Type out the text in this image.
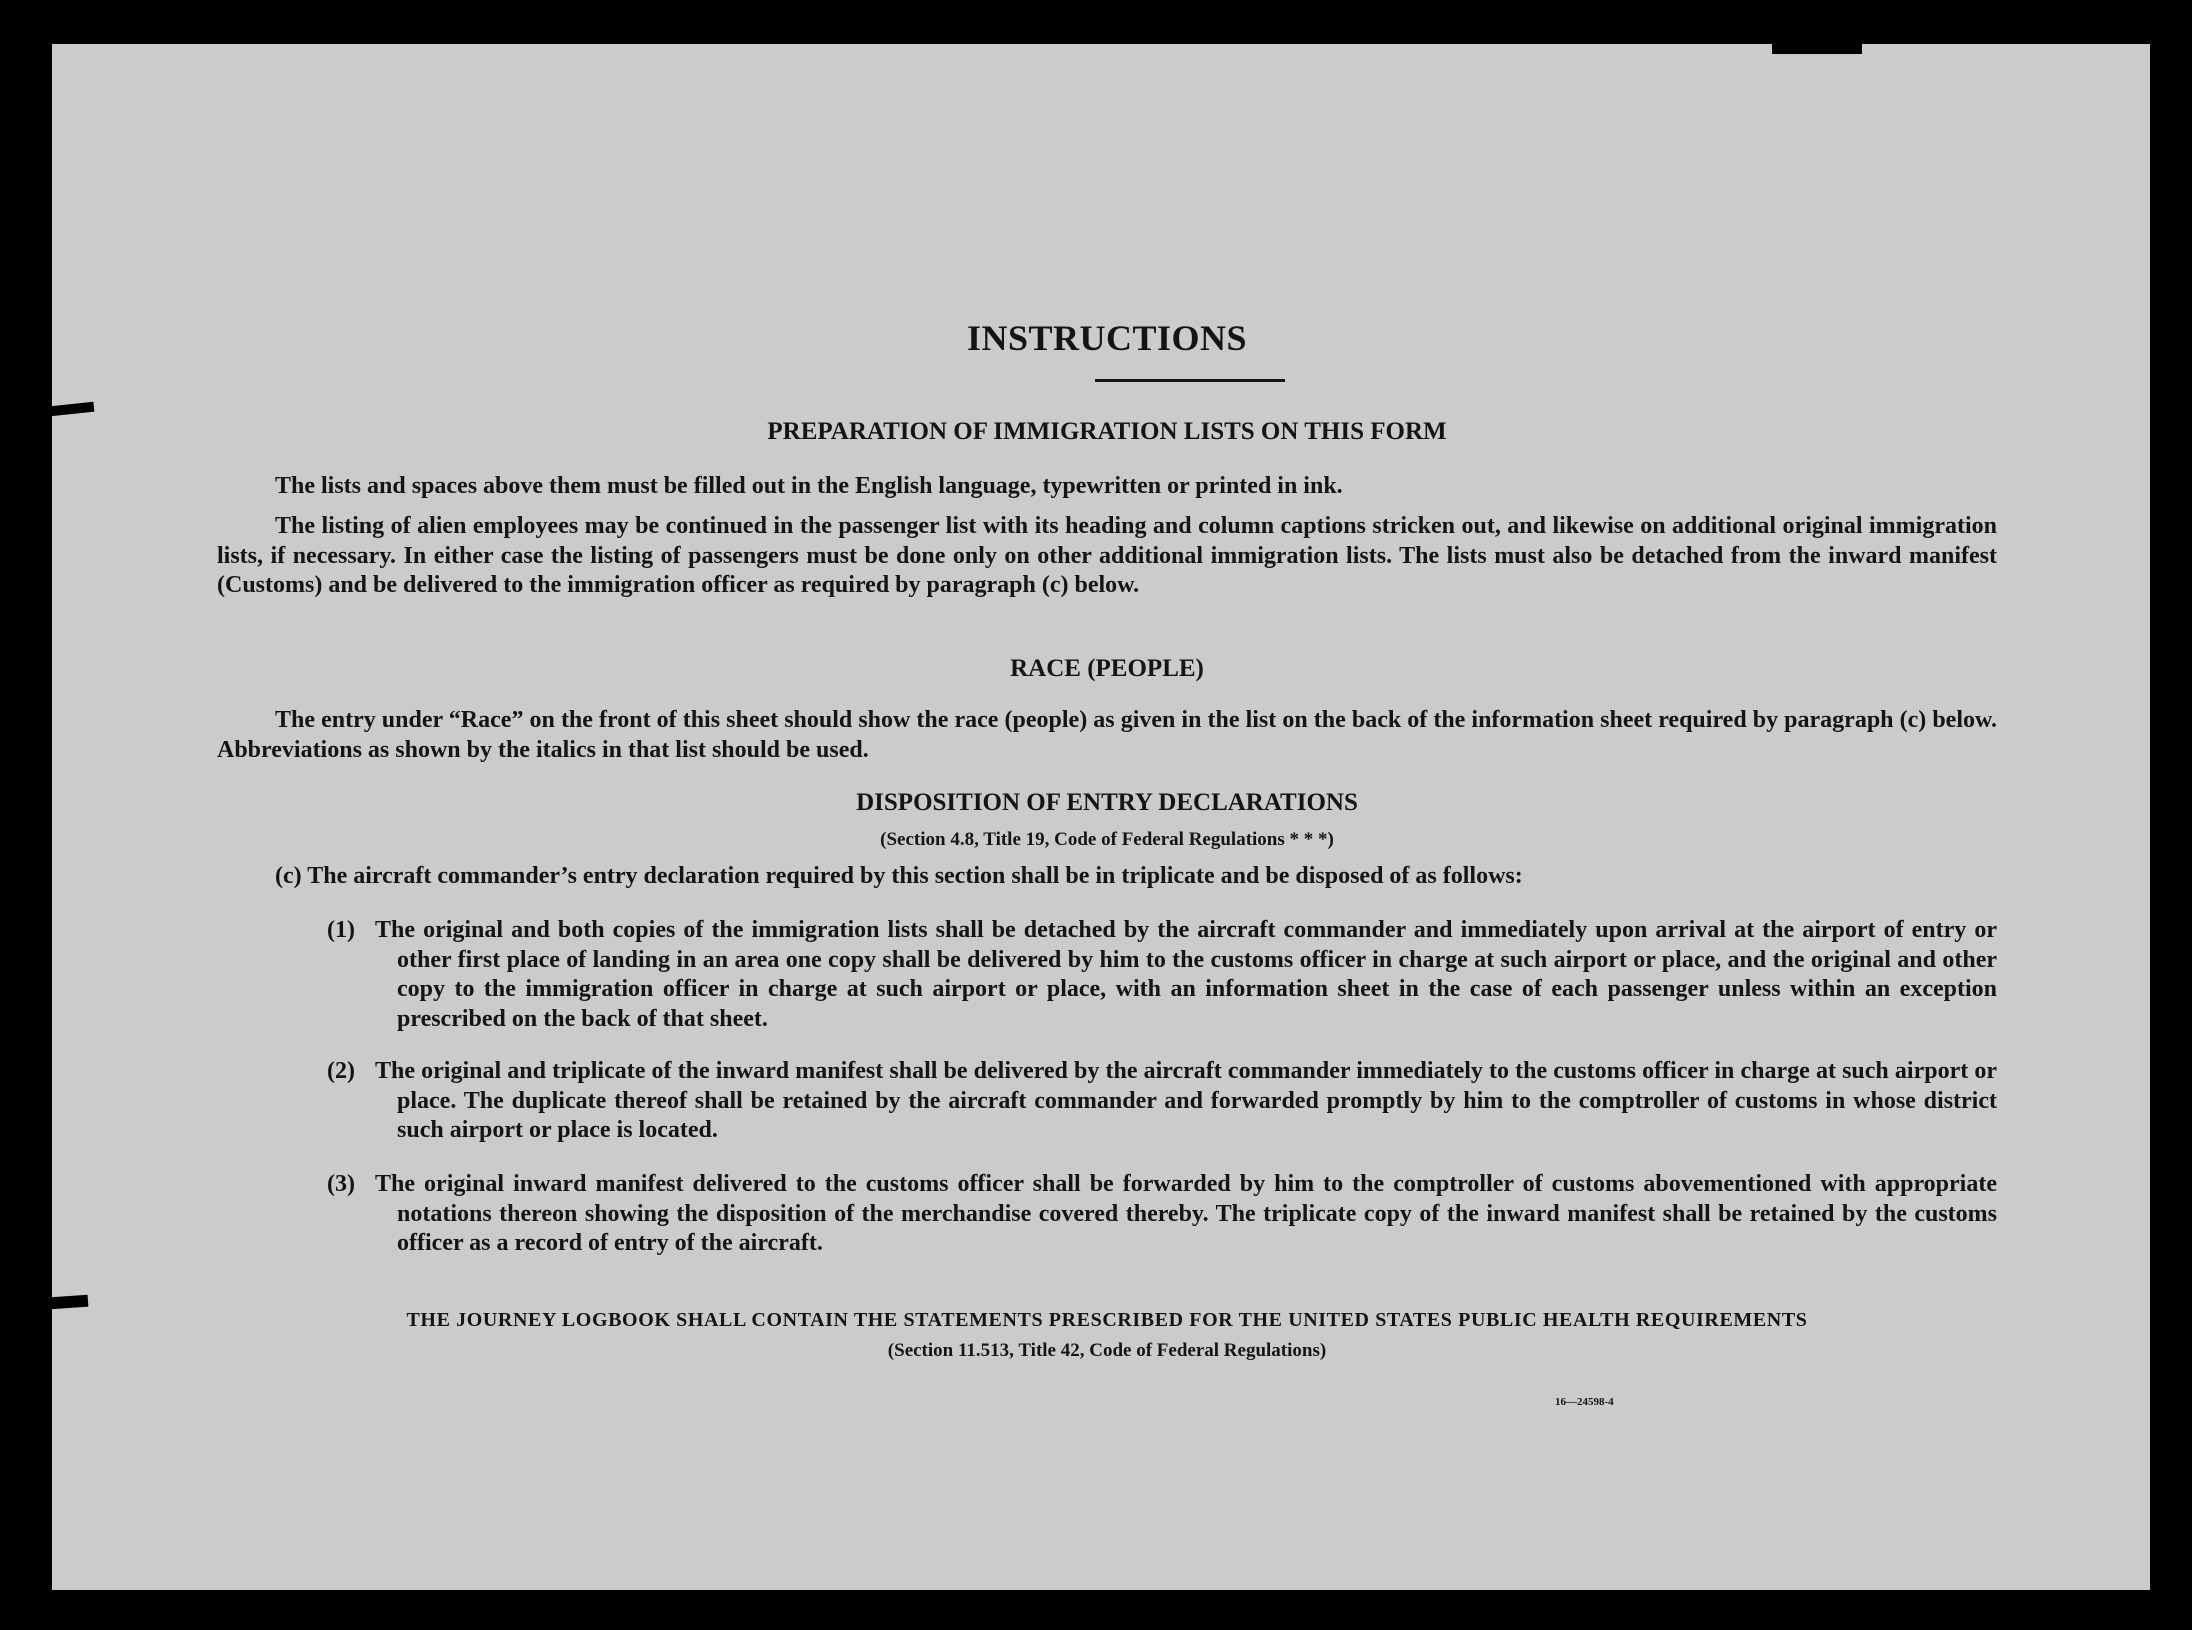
INSTRUCTIONS

PREPARATION OF IMMIGRATION LISTS ON THIS FORM

The lists and spaces above them must be filled out in the English language, typewritten or printed in ink.

The listing of alien employees may be continued in the passenger list with its heading and column captions stricken out, and likewise on additional original immigration lists, if necessary. In either case the listing of passengers must be done only on other additional immigration lists. The lists must also be detached from the inward manifest (Customs) and be delivered to the immigration officer as required by paragraph (c) below.

RACE (PEOPLE)

The entry under “Race” on the front of this sheet should show the race (people) as given in the list on the back of the information sheet required by paragraph (c) below. Abbreviations as shown by the italics in that list should be used.

DISPOSITION OF ENTRY DECLARATIONS

(Section 4.8, Title 19, Code of Federal Regulations * * *)

(c) The aircraft commander’s entry declaration required by this section shall be in triplicate and be disposed of as follows:

(1) The original and both copies of the immigration lists shall be detached by the aircraft commander and immediately upon arrival at the airport of entry or other first place of landing in an area one copy shall be delivered by him to the customs officer in charge at such airport or place, and the original and other copy to the immigration officer in charge at such airport or place, with an information sheet in the case of each passenger unless within an exception prescribed on the back of that sheet.

(2) The original and triplicate of the inward manifest shall be delivered by the aircraft commander immediately to the customs officer in charge at such airport or place. The duplicate thereof shall be retained by the aircraft commander and forwarded promptly by him to the comptroller of customs in whose district such airport or place is located.

(3) The original inward manifest delivered to the customs officer shall be forwarded by him to the comptroller of customs abovementioned with appropriate notations thereon showing the disposition of the merchandise covered thereby. The triplicate copy of the inward manifest shall be retained by the customs officer as a record of entry of the aircraft.

THE JOURNEY LOGBOOK SHALL CONTAIN THE STATEMENTS PRESCRIBED FOR THE UNITED STATES PUBLIC HEALTH REQUIREMENTS

(Section 11.513, Title 42, Code of Federal Regulations)

16—24598-4
